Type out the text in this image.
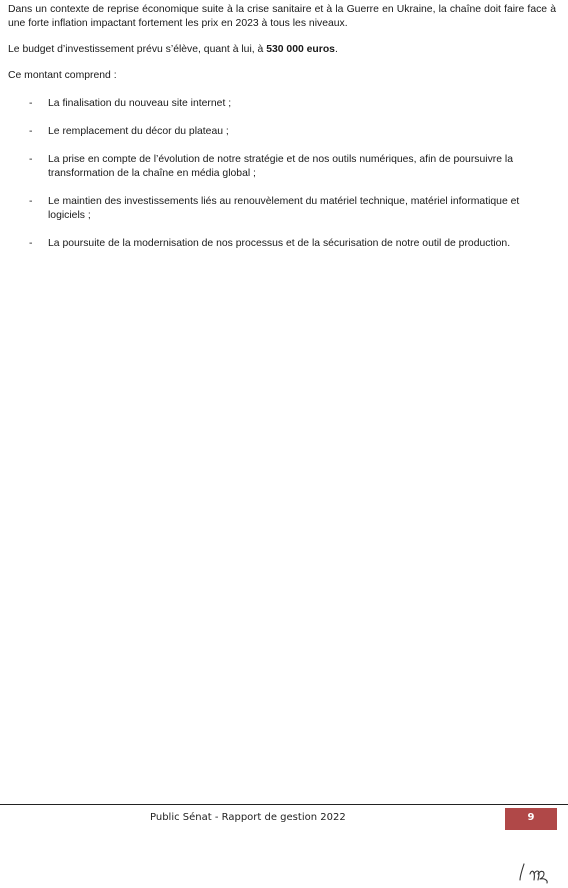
Dans un contexte de reprise économique suite à la crise sanitaire et à la Guerre en Ukraine, la chaîne doit faire face à une forte inflation impactant fortement les prix en 2023 à tous les niveaux.

Le budget d’investissement prévu s’élève, quant à lui, à 530 000 euros.

Ce montant comprend :

- La finalisation du nouveau site internet ;
- Le remplacement du décor du plateau ;
- La prise en compte de l’évolution de notre stratégie et de nos outils numériques, afin de poursuivre la transformation de la chaîne en média global ;
- Le maintien des investissements liés au renouvèlement du matériel technique, matériel informatique et logiciels ;
- La poursuite de la modernisation de nos processus et de la sécurisation de notre outil de production.
Public Sénat - Rapport de gestion 2022	9
